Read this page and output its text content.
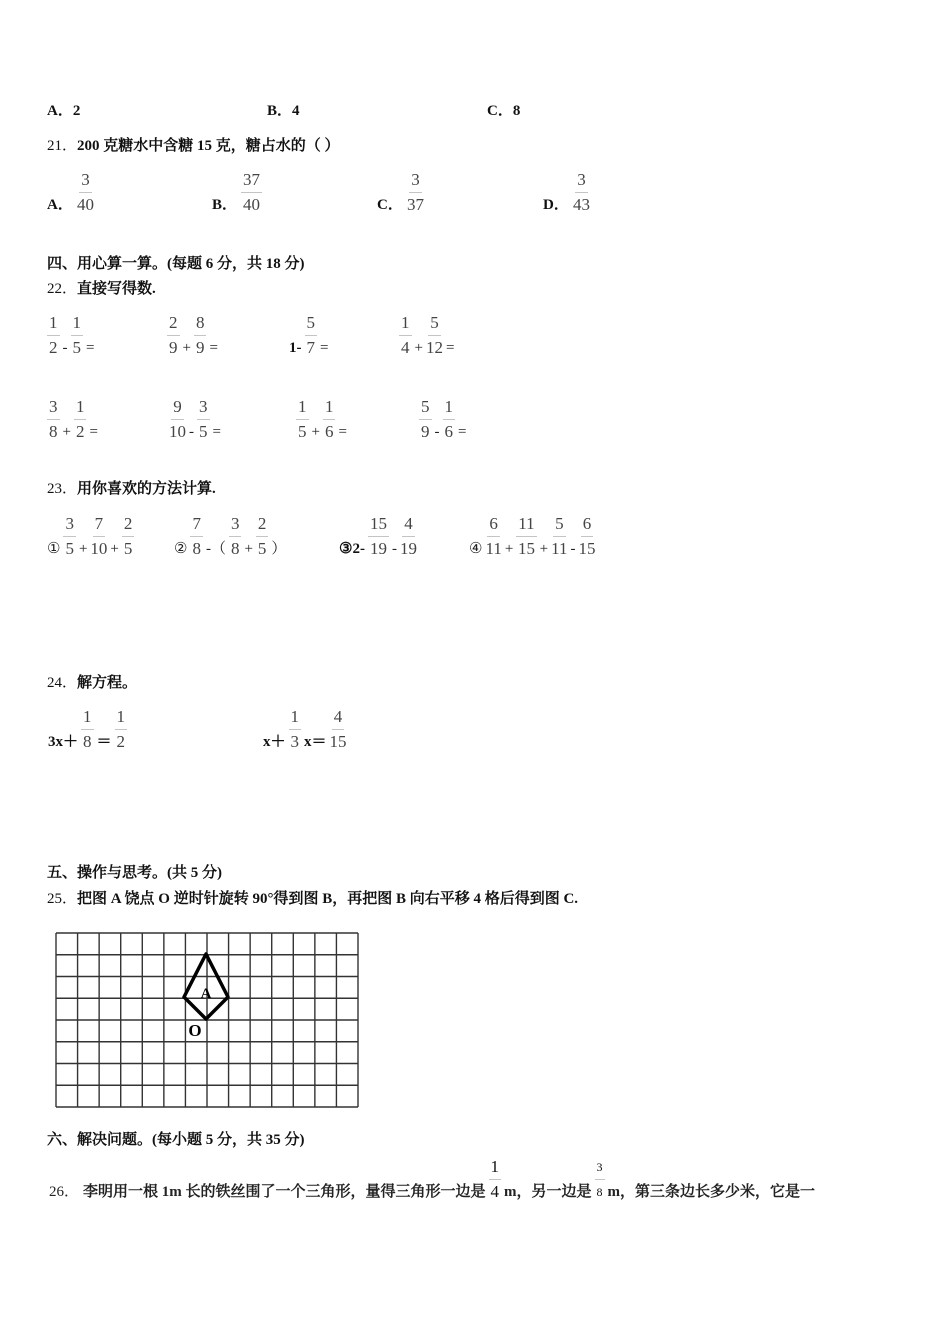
A．2	B．4	C．8
21．200 克糖水中含糖 15 克，糖占水的（ ）
A． $\frac{3}{40}$	B． $\frac{37}{40}$	C． $\frac{3}{37}$	D． $\frac{3}{43}$
四、用心算一算。(每题 6 分，共 18 分)
22．直接写得数.
$\frac{1}{2} - \frac{1}{5}$ =	$\frac{2}{9} + \frac{8}{9}$ =	$1- \frac{5}{7}$ =	$\frac{1}{4} + \frac{5}{12}$ =
$\frac{3}{8} + \frac{1}{2}$ =	$\frac{9}{10} - \frac{3}{5}$ =	$\frac{1}{5} + \frac{1}{6}$ =	$\frac{5}{9} - \frac{1}{6}$ =
23．用你喜欢的方法计算.
① $\frac{3}{5} + \frac{7}{10} + \frac{2}{5}$	② $\frac{7}{8}$ -（ $\frac{3}{8} + \frac{2}{5}$ ）	③2- $\frac{15}{19} - \frac{4}{19}$	④ $\frac{6}{11} + \frac{11}{15} + \frac{5}{11} - \frac{6}{15}$
24．解方程。
$3x+ \frac{1}{8} = \frac{1}{2}$	$x+ \frac{1}{3} x= \frac{4}{15}$
五、操作与思考。(共 5 分)
25．把图 A 饶点 O 逆时针旋转 90°得到图 B，再把图 B 向右平移 4 格后得到图 C.
A
O
六、解决问题。(每小题 5 分，共 35 分)
26． 李明用一根 1m 长的铁丝围了一个三角形，量得三角形一边是 $\frac{1}{4}$ m，另一边是 $\frac{3}{8}$ m，第三条边长多少米，它是一
